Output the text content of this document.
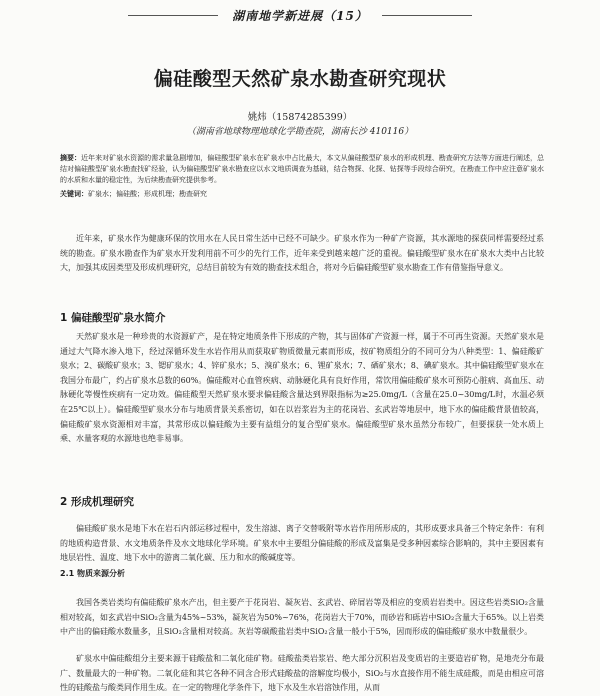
湖南地学新进展（15）
偏硅酸型天然矿泉水勘查研究现状
姚炜（15874285399）
（湖南省地球物理地球化学勘查院，湖南长沙 410116）
摘要：近年来对矿泉水资源的需求量急剧增加，偏硅酸型矿泉水在矿泉水中占比最大，本文从偏硅酸型矿泉水的形成机理、勘查研究方法等方面进行阐述，总结对偏硅酸型矿泉水勘查找矿经验，认为偏硅酸型矿泉水勘查应以水文地质调查为基础，结合物探、化探、钻探等手段综合研究，在勘查工作中应注意矿泉水的水质和水量的稳定性，为后续勘查研究提供参考。
关键词：矿泉水；偏硅酸；形成机理；勘查研究
近年来，矿泉水作为健康环保的饮用水在人民日常生活中已经不可缺少。矿泉水作为一种矿产资源，其水源地的探获同样需要经过系统的勘查。矿泉水勘查作为矿泉水开发利用前不可少的先行工作，近年来受到越来越广泛的重视。偏硅酸型矿泉水在矿泉水大类中占比较大，加强其成因类型及形成机理研究，总结目前较为有效的勘查技术组合，将对今后偏硅酸型矿泉水勘查工作有借鉴指导意义。
1 偏硅酸型矿泉水简介
天然矿泉水是一种珍贵的水资源矿产，是在特定地质条件下形成的产物，其与固体矿产资源一样，属于不可再生资源。天然矿泉水是通过大气降水渗入地下，经过深循环发生水岩作用从而获取矿物质微量元素而形成，按矿物质组分的不同可分为八种类型：1、偏硅酸矿泉水；2、碳酸矿泉水；3、锶矿泉水；4、锌矿泉水；5、溴矿泉水；6、锂矿泉水；7、硒矿泉水；8、碘矿泉水。其中偏硅酸型矿泉水在我国分布最广，约占矿泉水总数的60%。偏硅酸对心血管疾病、动脉硬化具有良好作用，常饮用偏硅酸矿泉水可预防心脏病、高血压、动脉硬化等慢性疾病有一定功效。偏硅酸型天然矿泉水要求偏硅酸含量达到界限指标为≥25.0mg/L（含量在25.0~30mg/L时，水温必须在25℃以上）。偏硅酸型矿泉水分布与地质背景关系密切，如在以岩浆岩为主的花岗岩、玄武岩等地层中，地下水的偏硅酸背景值较高，偏硅酸矿泉水资源相对丰富，其常形成以偏硅酸为主要有益组分的复合型矿泉水。偏硅酸型矿泉水虽然分布较广，但要探获一处水质上乘、水量客观的水源地也绝非易事。
2 形成机理研究
偏硅酸矿泉水是地下水在岩石内部运移过程中，发生溶滤、离子交替吸附等水岩作用所形成的，其形成要求具备三个特定条件：有利的地质构造背景、水文地质条件及水文地球化学环境。矿泉水中主要组分偏硅酸的形成及富集是受多种因素综合影响的，其中主要因素有地层岩性、温度、地下水中的游离二氧化碳、压力和水的酸碱度等。
2.1 物质来源分析
我国各类岩类均有偏硅酸矿泉水产出，但主要产于花岗岩、凝灰岩、玄武岩、碎屑岩等及相应的变质岩岩类中。因这些岩类SiO₂含量相对较高，如玄武岩中SiO₂含量为45%~53%，凝灰岩为50%~76%，花岗岩大于70%，而砂岩和砾岩中SiO₂含量大于65%。以上岩类中产出的偏硅酸水数量多，且SiO₂含量相对较高。灰岩等碳酸盐岩类中SiO₂含量一般小于5%，因而形成的偏硅酸矿泉水中数量很少。
矿泉水中偏硅酸组分主要来源于硅酸盐和二氧化硅矿物。硅酸盐类岩浆岩、绝大部分沉积岩及变质岩的主要造岩矿物，是地壳分布最广、数量最大的一种矿物。二氧化硅和其它各种不同含合形式硅酸盐的溶解度均极小，SiO₂与水直接作用不能生成硅酸，而是由相应可溶性的硅酸盐与酸类同作用生成。在一定的物理化学条件下，地下水及生水岩溶蚀作用，从而
